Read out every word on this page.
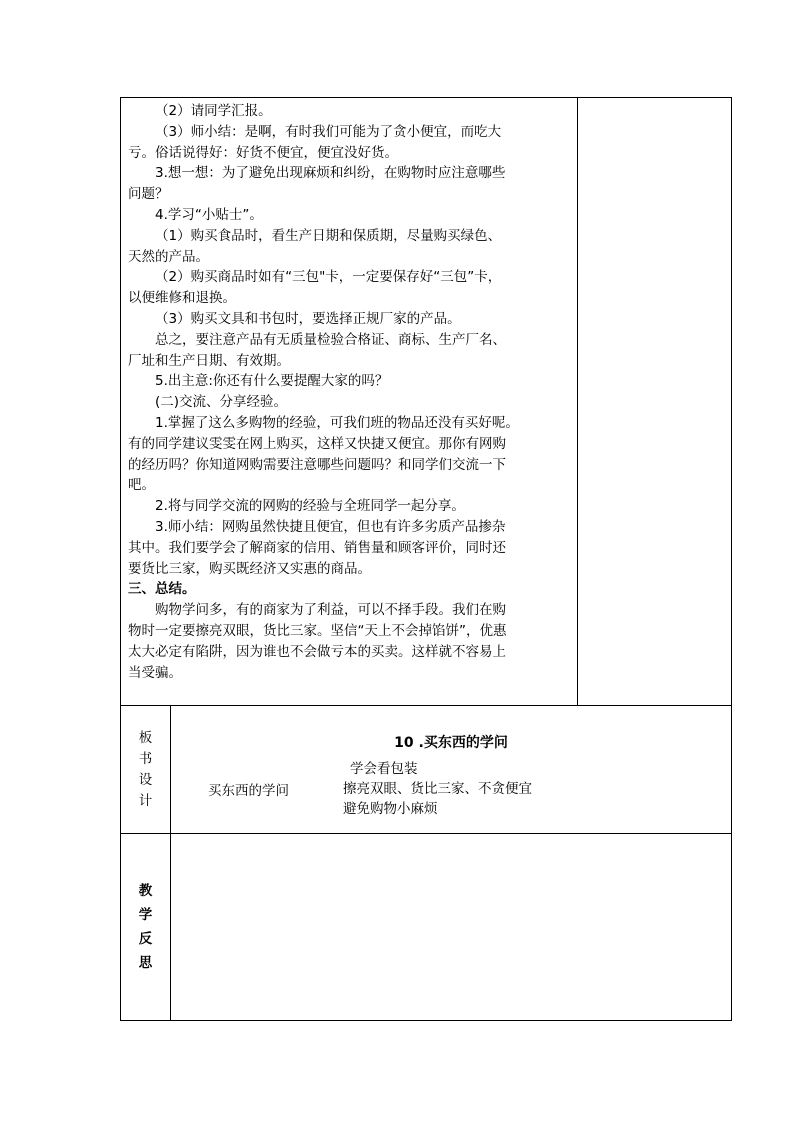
（2）请同学汇报。

（3）师小结：是啊，有时我们可能为了贪小便宜，而吃大

亏。俗话说得好：好货不便宜，便宜没好货。

3.想一想：为了避免出现麻烦和纠纷，在购物时应注意哪些

问题？

4.学习“小贴士”。

（1）购买食品时，看生产日期和保质期，尽量购买绿色、

天然的产品。

（2）购买商品时如有“三包"卡，一定要保存好“三包”卡，

以便维修和退换。

（3）购买文具和书包时，要选择正规厂家的产品。

总之，要注意产品有无质量检验合格证、商标、生产厂名、

厂址和生产日期、有效期。

5.出主意:你还有什么要提醒大家的吗？

(二)交流、分享经验。

1.掌握了这么多购物的经验，可我们班的物品还没有买好呢。

有的同学建议雯雯在网上购买，这样又快捷又便宜。那你有网购

的经历吗？你知道网购需要注意哪些问题吗？和同学们交流一下

吧。

2.将与同学交流的网购的经验与全班同学一起分享。

3.师小结：网购虽然快捷且便宜，但也有许多劣质产品掺杂

其中。我们要学会了解商家的信用、销售量和顾客评价，同时还

要货比三家，购买既经济又实惠的商品。

三、总结。

购物学问多，有的商家为了利益，可以不择手段。我们在购

物时一定要擦亮双眼，货比三家。坚信“天上不会掉馅饼”，优惠

太大必定有陷阱，因为谁也不会做亏本的买卖。这样就不容易上

当受骗。

板
书
设
计
10 .买东西的学问
买东西的学问

学会看包装

擦亮双眼、货比三家、不贪便宜

避免购物小麻烦

教
学
反
思
